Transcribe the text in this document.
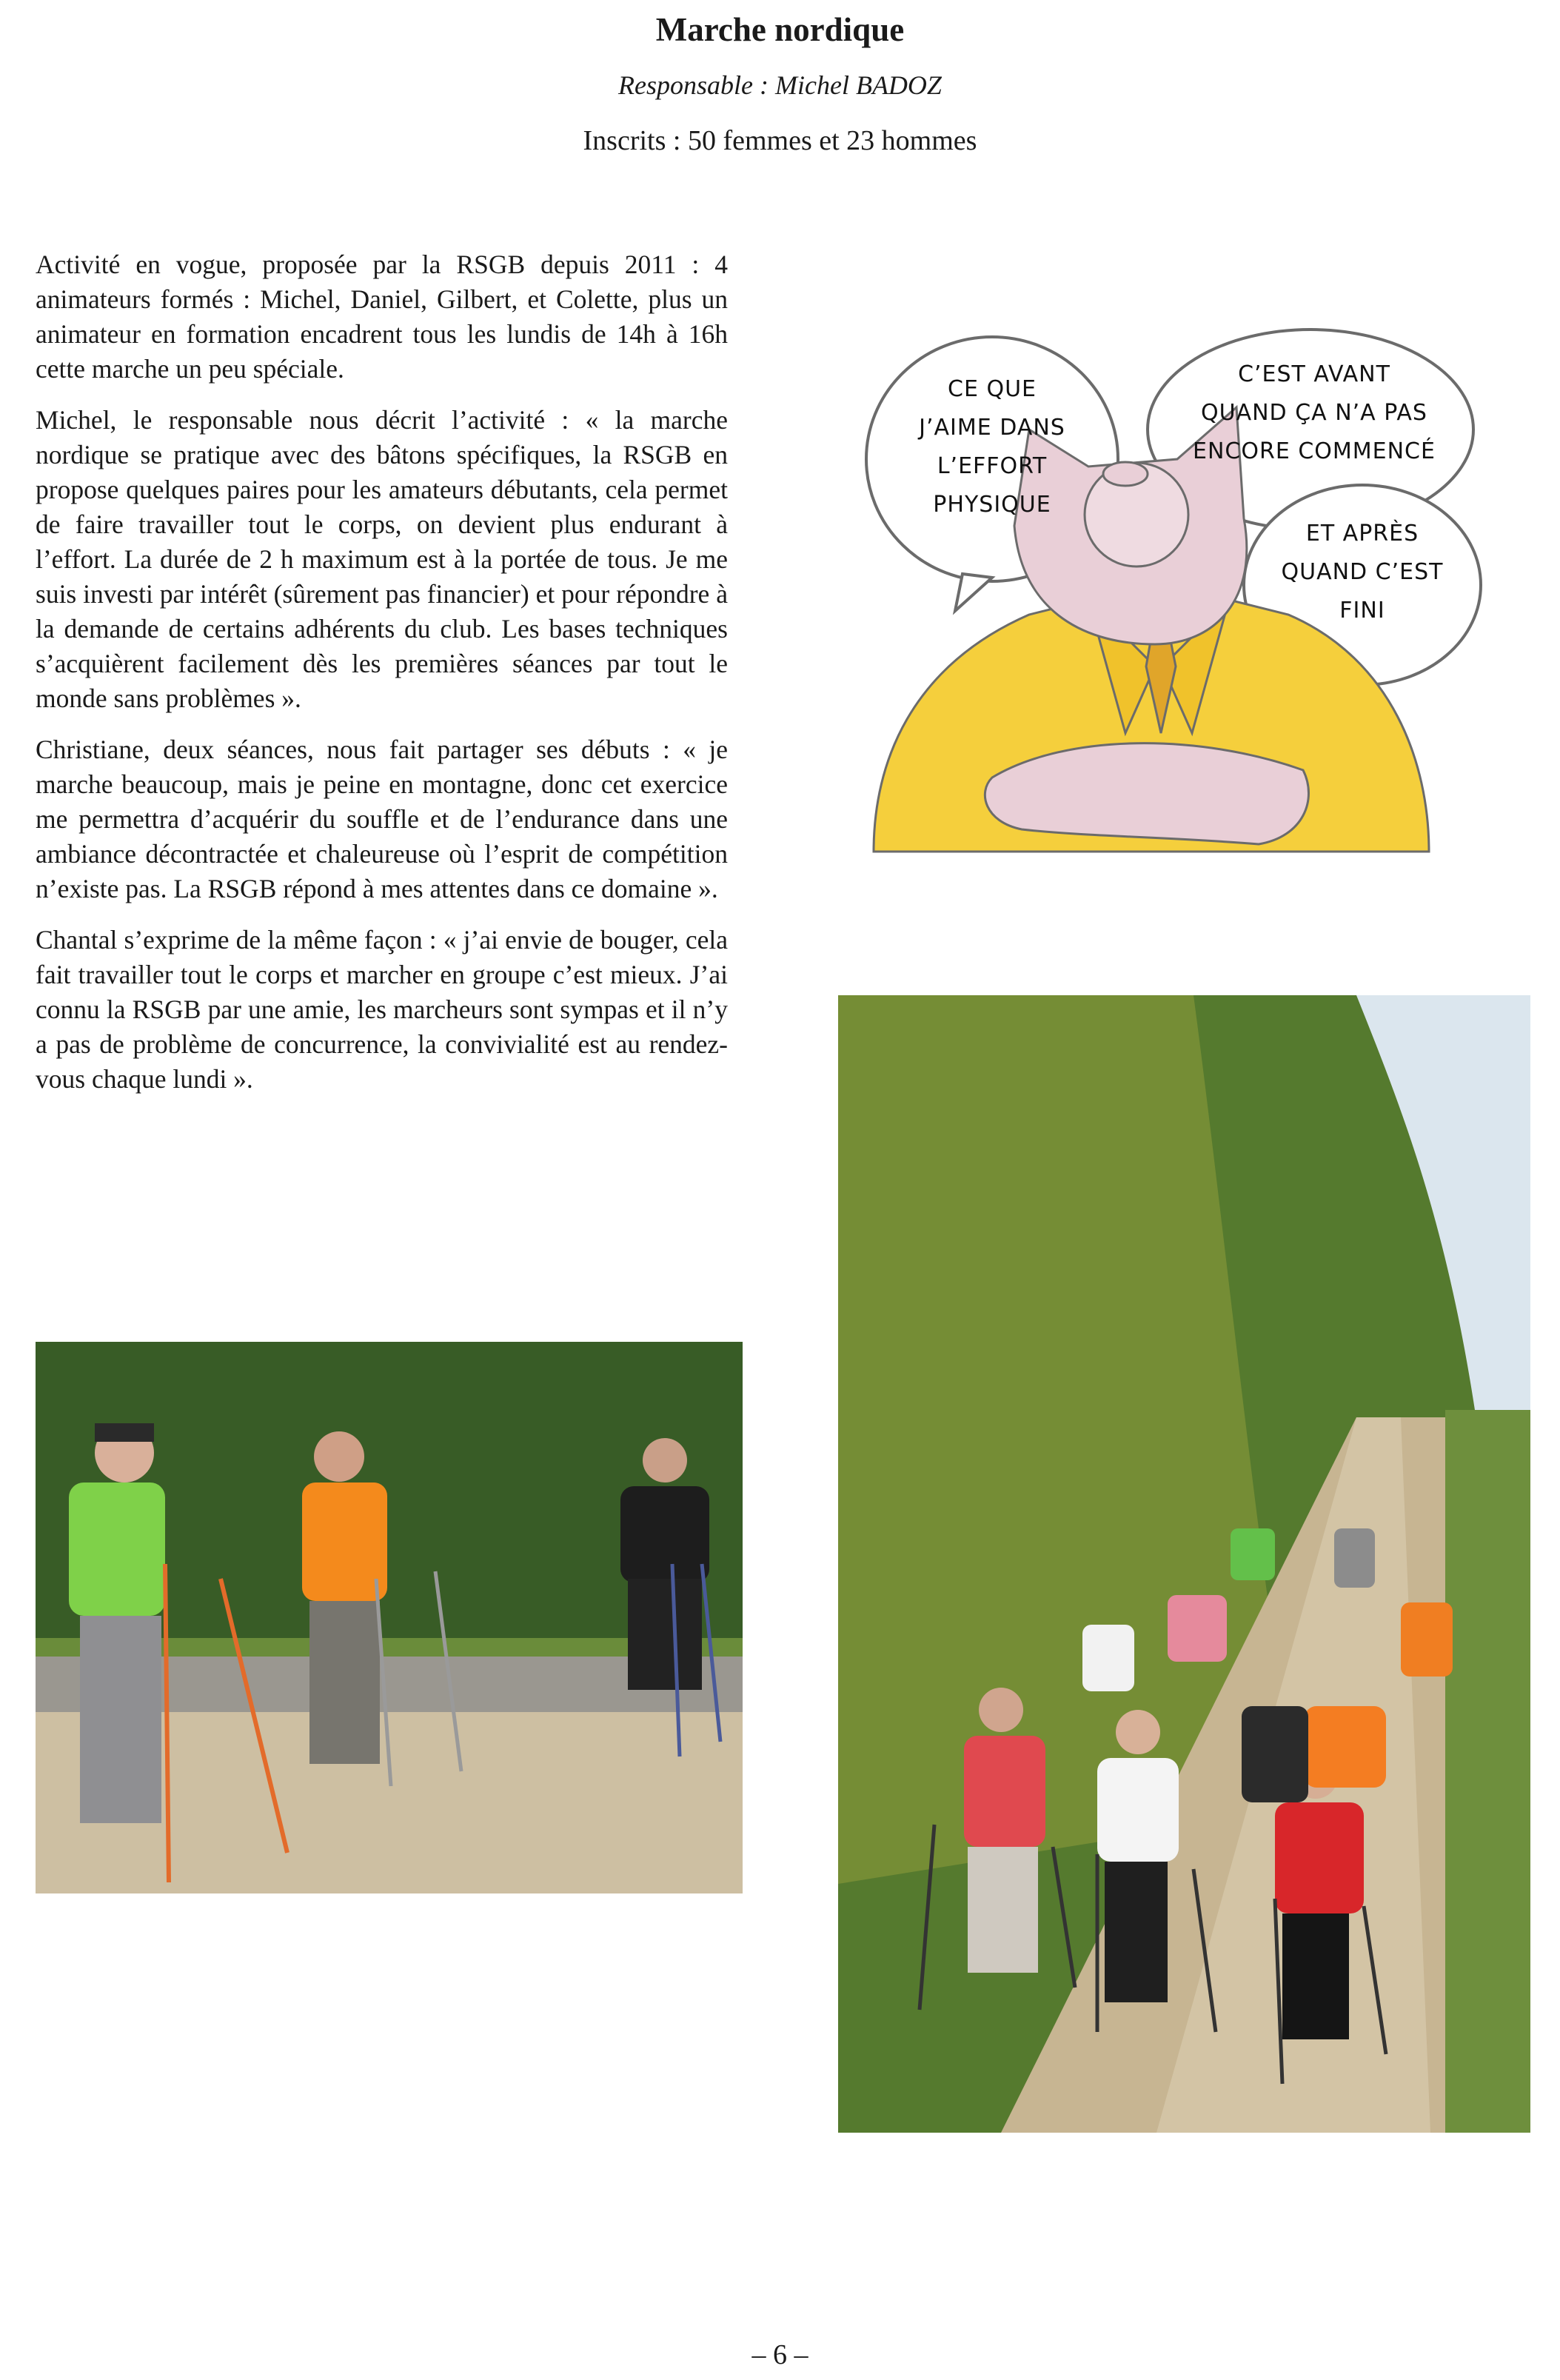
Marche nordique
Responsable : Michel BADOZ
Inscrits : 50 femmes et 23 hommes

Activité en vogue, proposée par la RSGB depuis 2011 : 4 animateurs formés : Michel, Daniel, Gilbert, et Colette, plus un animateur en formation encadrent tous les lundis de 14h à 16h cette marche un peu spéciale.

Michel, le responsable nous décrit l’activité : « la marche nordique se pratique avec des bâtons spécifiques, la RSGB en propose quelques paires pour les amateurs débutants, cela permet de faire travailler tout le corps, on devient plus endurant à l’effort. La durée de 2 h maximum est à la portée de tous. Je me suis investi par intérêt (sûrement pas financier) et pour répondre à la demande de certains adhérents du club. Les bases techniques s’acquièrent facilement dès les premières séances par tout le monde sans problèmes ».

Christiane, deux séances, nous fait partager ses débuts : « je marche beaucoup, mais je peine en montagne, donc cet exercice me permettra d’acquérir du souffle et de l’endurance dans une ambiance décontractée et chaleureuse où l’esprit de compétition n’existe pas. La RSGB répond à mes attentes dans ce domaine ».

Chantal s’exprime de la même façon : « j’ai envie de bouger, cela fait travailler tout le corps et marcher en groupe c’est mieux. J’ai connu la RSGB par une amie, les marcheurs sont sympas et il n’y a pas de problème de concurrence, la convivialité est au rendez-vous chaque lundi ».

CE QUE
J’AIME DANS
L’EFFORT
PHYSIQUE
C’EST AVANT
QUAND ÇA N’A PAS
ENCORE COMMENCÉ
ET APRÈS
QUAND C’EST
FINI
– 6 –
